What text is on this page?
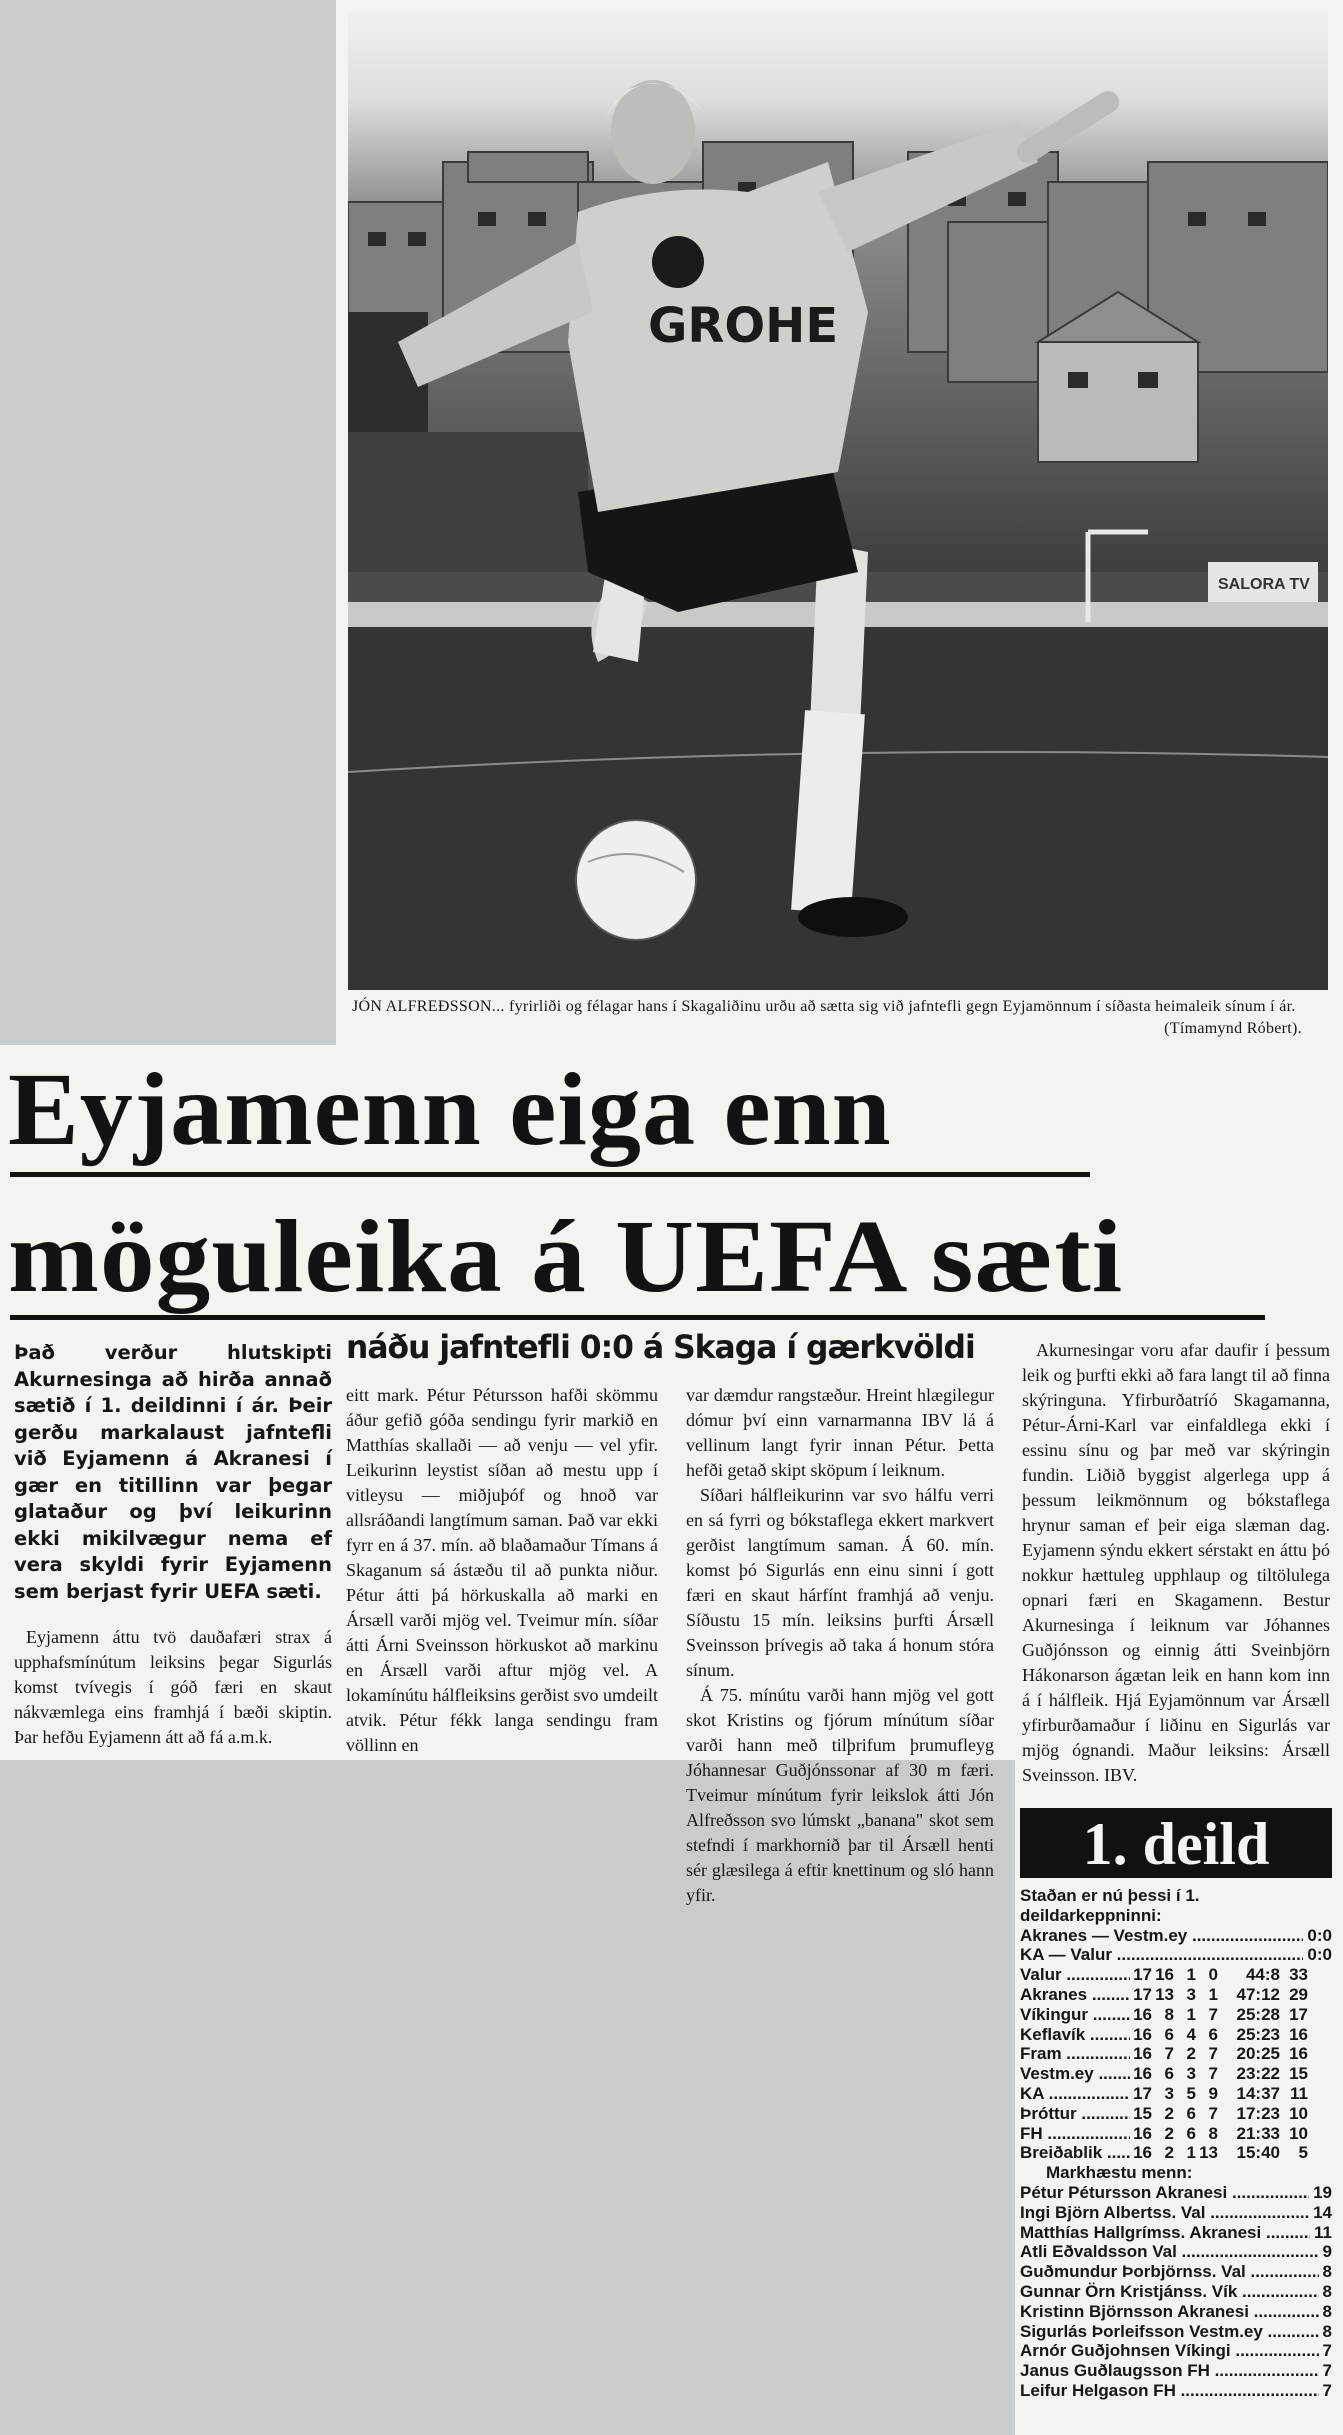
SALORA TV
GROHE
JÓN ALFREÐSSON... fyrirliði og félagar hans í Skagaliðinu urðu að sætta sig við jafntefli gegn Eyjamönnum í síðasta heimaleik sínum í ár.
(Tímamynd Róbert).
Eyjamenn eiga enn
möguleika á UEFA sæti
náðu jafntefli 0:0 á Skaga í gærkvöldi
Það verður hlutskipti Akurnesinga að hirða annað sætið í 1. deildinni í ár. Þeir gerðu markalaust jafntefli við Eyjamenn á Akranesi í gær en titillinn var þegar glataður og því leikurinn ekki mikilvægur nema ef vera skyldi fyrir Eyjamenn sem berjast fyrir UEFA sæti.
Eyjamenn áttu tvö dauðafæri strax á upphafsmínútum leiksins þegar Sigurlás komst tvívegis í góð færi en skaut nákvæmlega eins framhjá í bæði skiptin. Þar hefðu Eyjamenn átt að fá a.m.k.
eitt mark. Pétur Pétursson hafði skömmu áður gefið góða sendingu fyrir markið en Matthías skallaði — að venju — vel yfir. Leikurinn leystist síðan að mestu upp í vitleysu — miðjuþóf og hnoð var allsráðandi langtímum saman. Það var ekki fyrr en á 37. mín. að blaðamaður Tímans á Skaganum sá ástæðu til að punkta niður. Pétur átti þá hörkuskalla að marki en Ársæll varði mjög vel. Tveimur mín. síðar átti Árni Sveinsson hörkuskot að markinu en Ársæll varði aftur mjög vel. A lokamínútu hálfleiksins gerðist svo umdeilt atvik. Pétur fékk langa sendingu fram völlinn en

var dæmdur rangstæður. Hreint hlægilegur dómur því einn varnarmanna IBV lá á vellinum langt fyrir innan Pétur. Þetta hefði getað skipt sköpum í leiknum.

Síðari hálfleikurinn var svo hálfu verri en sá fyrri og bókstaflega ekkert markvert gerðist langtímum saman. Á 60. mín. komst þó Sigurlás enn einu sinni í gott færi en skaut hárfínt framhjá að venju. Síðustu 15 mín. leiksins þurfti Ársæll Sveinsson þrívegis að taka á honum stóra sínum.

Á 75. mínútu varði hann mjög vel gott skot Kristins og fjórum mínútum síðar varði hann með tilþrifum þrumufleyg Jóhannesar Guðjónssonar af 30 m færi. Tveimur mínútum fyrir leikslok átti Jón Alfreðsson svo lúmskt „banana" skot sem stefndi í markhornið þar til Ársæll henti sér glæsilega á eftir knettinum og sló hann yfir.

Akurnesingar voru afar daufir í þessum leik og þurfti ekki að fara langt til að finna skýringuna. Yfirburðatríó Skagamanna, Pétur-Árni-Karl var einfaldlega ekki í essinu sínu og þar með var skýringin fundin. Liðið byggist algerlega upp á þessum leikmönnum og bókstaflega hrynur saman ef þeir eiga slæman dag. Eyjamenn sýndu ekkert sérstakt en áttu þó nokkur hættuleg upphlaup og tiltölulega opnari færi en Skagamenn. Bestur Akurnesinga í leiknum var Jóhannes Guðjónsson og einnig átti Sveinbjörn Hákonarson ágætan leik en hann kom inn á í hálfleik. Hjá Eyjamönnum var Ársæll yfirburðamaður í liðinu en Sigurlás var mjög ógnandi. Maður leiksins: Ársæll Sveinsson. IBV.

1. deild
Staðan er nú þessi í 1. deildarkeppninni:
Akranes — Vestm.ey .....	0:0
KA — Valur .....	0:0
Valur .....	17 16 1 0	44:8 33
Akranes .....	17 13 3 1	47:12 29
Víkingur .....	16 8 1 7	25:28 17
Keflavík .....	16 6 4 6	25:23 16
Fram .....	16 7 2 7	20:25 16
Vestm.ey .....	16 6 3 7	23:22 15
KA .....	17 3 5 9	14:37 11
Þróttur .....	15 2 6 7	17:23 10
FH .....	16 2 6 8	21:33 10
Breiðablik .....	16 2 1 13	15:40	5
Markhæstu menn:
Pétur Pétursson Akranesi .....	19
Ingi Björn Albertss. Val .....	14
Matthías Hallgrímss. Akranesi .....	11
Atli Eðvaldsson Val .....	9
Guðmundur Þorbjörnss. Val .....	8
Gunnar Örn Kristjánss. Vík .....	8
Kristinn Björnsson Akranesi .....	8
Sigurlás Þorleifsson Vestm.ey .....	8
Arnór Guðjohnsen Víkingi .....	7
Janus Guðlaugsson FH .....	7
Leifur Helgason FH .....	7
